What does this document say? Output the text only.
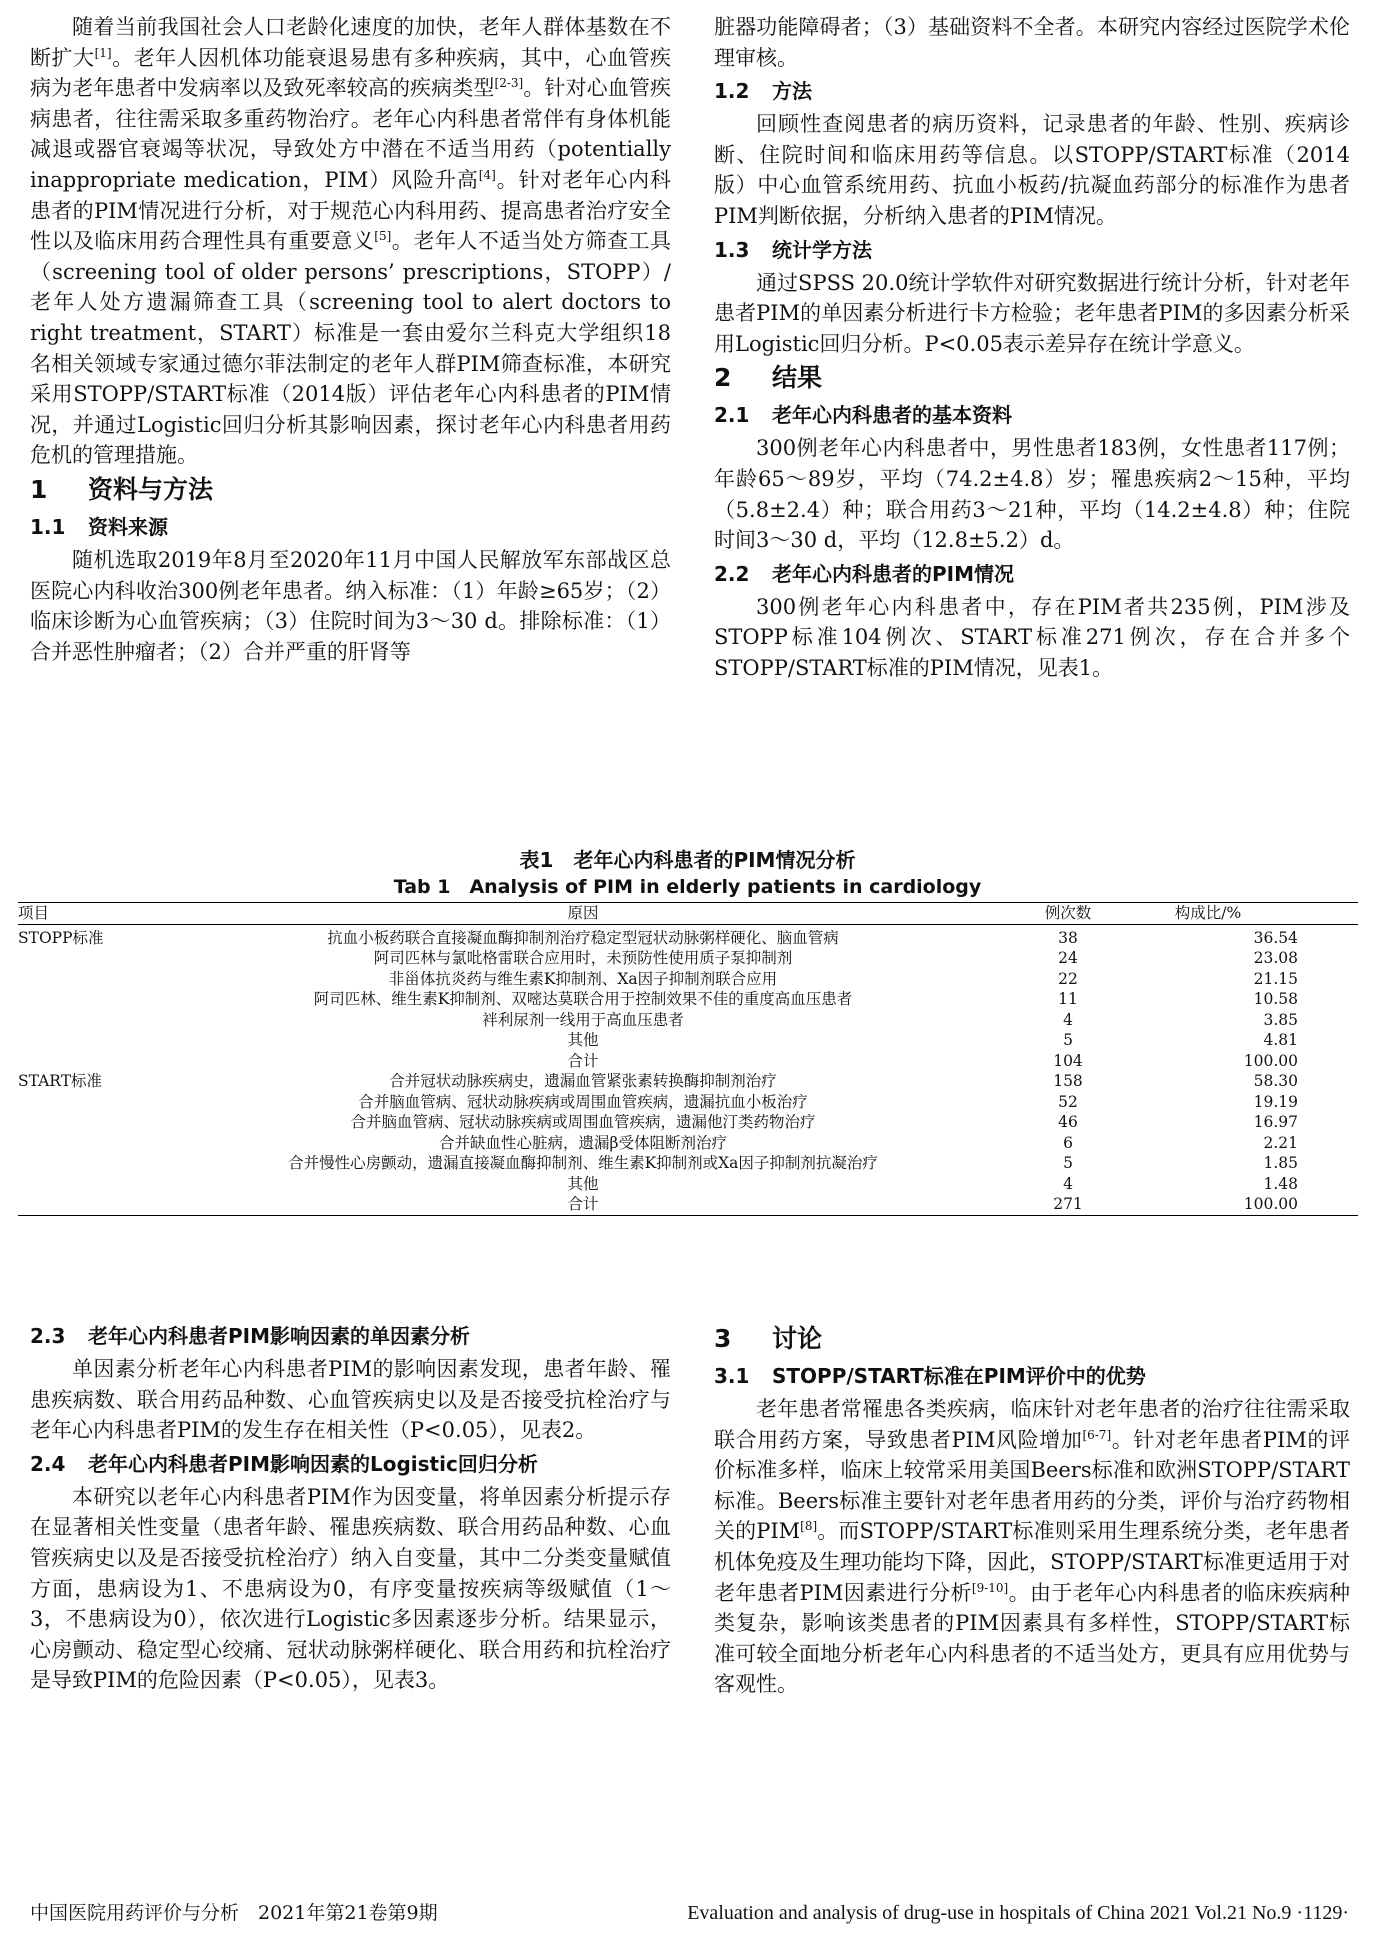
随着当前我国社会人口老龄化速度的加快，老年人群体基数在不断扩大[1]。老年人因机体功能衰退易患有多种疾病，其中，心血管疾病为老年患者中发病率以及致死率较高的疾病类型[2-3]。针对心血管疾病患者，往往需采取多重药物治疗。老年心内科患者常伴有身体机能减退或器官衰竭等状况，导致处方中潜在不适当用药（potentially inappropriate medication，PIM）风险升高[4]。针对老年心内科患者的PIM情况进行分析，对于规范心内科用药、提高患者治疗安全性以及临床用药合理性具有重要意义[5]。老年人不适当处方筛查工具（screening tool of older persons’ prescriptions，STOPP）/老年人处方遗漏筛查工具（screening tool to alert doctors to right treatment，START）标准是一套由爱尔兰科克大学组织18名相关领域专家通过德尔菲法制定的老年人群PIM筛查标准，本研究采用STOPP/START标准（2014版）评估老年心内科患者的PIM情况，并通过Logistic回归分析其影响因素，探讨老年心内科患者用药危机的管理措施。

1 资料与方法
1.1 资料来源

随机选取2019年8月至2020年11月中国人民解放军东部战区总医院心内科收治300例老年患者。纳入标准：（1）年龄≥65岁；（2）临床诊断为心血管疾病；（3）住院时间为3～30 d。排除标准：（1）合并恶性肿瘤者；（2）合并严重的肝肾等

脏器功能障碍者；（3）基础资料不全者。本研究内容经过医院学术伦理审核。

1.2 方法

回顾性查阅患者的病历资料，记录患者的年龄、性别、疾病诊断、住院时间和临床用药等信息。以STOPP/START标准（2014版）中心血管系统用药、抗血小板药/抗凝血药部分的标准作为患者PIM判断依据，分析纳入患者的PIM情况。

1.3 统计学方法

通过SPSS 20.0统计学软件对研究数据进行统计分析，针对老年患者PIM的单因素分析进行卡方检验；老年患者PIM的多因素分析采用Logistic回归分析。P<0.05表示差异存在统计学意义。

2 结果
2.1 老年心内科患者的基本资料

300例老年心内科患者中，男性患者183例，女性患者117例；年龄65～89岁，平均（74.2±4.8）岁；罹患疾病2～15种，平均（5.8±2.4）种；联合用药3～21种，平均（14.2±4.8）种；住院时间3～30 d，平均（12.8±5.2）d。

2.2 老年心内科患者的PIM情况

300例老年心内科患者中，存在PIM者共235例，PIM涉及STOPP标准104例次、START标准271例次，存在合并多个STOPP/START标准的PIM情况，见表1。

表1　老年心内科患者的PIM情况分析
Tab 1　Analysis of PIM in elderly patients in cardiology
项目	原因	例次数	构成比/%
STOPP标准	抗血小板药联合直接凝血酶抑制剂治疗稳定型冠状动脉粥样硬化、脑血管病	38	36.54
	阿司匹林与氯吡格雷联合应用时，未预防性使用质子泵抑制剂	24	23.08
	非甾体抗炎药与维生素K抑制剂、Xa因子抑制剂联合应用	22	21.15
	阿司匹林、维生素K抑制剂、双嘧达莫联合用于控制效果不佳的重度高血压患者	11	10.58
	袢利尿剂一线用于高血压患者	4	3.85
	其他	5	4.81
	合计	104	100.00
START标准	合并冠状动脉疾病史，遗漏血管紧张素转换酶抑制剂治疗	158	58.30
	合并脑血管病、冠状动脉疾病或周围血管疾病，遗漏抗血小板治疗	52	19.19
	合并脑血管病、冠状动脉疾病或周围血管疾病，遗漏他汀类药物治疗	46	16.97
	合并缺血性心脏病，遗漏β受体阻断剂治疗	6	2.21
	合并慢性心房颤动，遗漏直接凝血酶抑制剂、维生素K抑制剂或Xa因子抑制剂抗凝治疗	5	1.85
	其他	4	1.48
	合计	271	100.00
2.3 老年心内科患者PIM影响因素的单因素分析

单因素分析老年心内科患者PIM的影响因素发现，患者年龄、罹患疾病数、联合用药品种数、心血管疾病史以及是否接受抗栓治疗与老年心内科患者PIM的发生存在相关性（P<0.05），见表2。

2.4 老年心内科患者PIM影响因素的Logistic回归分析

本研究以老年心内科患者PIM作为因变量，将单因素分析提示存在显著相关性变量（患者年龄、罹患疾病数、联合用药品种数、心血管疾病史以及是否接受抗栓治疗）纳入自变量，其中二分类变量赋值方面，患病设为1、不患病设为0，有序变量按疾病等级赋值（1～3，不患病设为0），依次进行Logistic多因素逐步分析。结果显示，心房颤动、稳定型心绞痛、冠状动脉粥样硬化、联合用药和抗栓治疗是导致PIM的危险因素（P<0.05），见表3。

3 讨论
3.1 STOPP/START标准在PIM评价中的优势

老年患者常罹患各类疾病，临床针对老年患者的治疗往往需采取联合用药方案，导致患者PIM风险增加[6-7]。针对老年患者PIM的评价标准多样，临床上较常采用美国Beers标准和欧洲STOPP/START标准。Beers标准主要针对老年患者用药的分类，评价与治疗药物相关的PIM[8]。而STOPP/START标准则采用生理系统分类，老年患者机体免疫及生理功能均下降，因此，STOPP/START标准更适用于对老年患者PIM因素进行分析[9-10]。由于老年心内科患者的临床疾病种类复杂，影响该类患者的PIM因素具有多样性，STOPP/START标准可较全面地分析老年心内科患者的不适当处方，更具有应用优势与客观性。

中国医院用药评价与分析　2021年第21卷第9期	Evaluation and analysis of drug-use in hospitals of China 2021 Vol.21 No.9 ·1129·
